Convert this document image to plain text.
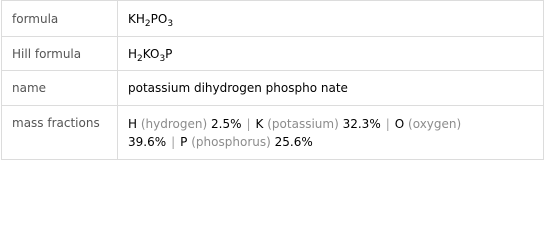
formula	$KH_2PO_3$
Hill formula	$H_2KO_3P$
name	potassium dihydrogen phospho nate
mass fractions	H (hydrogen) 2.5% | K (potassium) 32.3% | O (oxygen)
39.6% | P (phosphorus) 25.6%
